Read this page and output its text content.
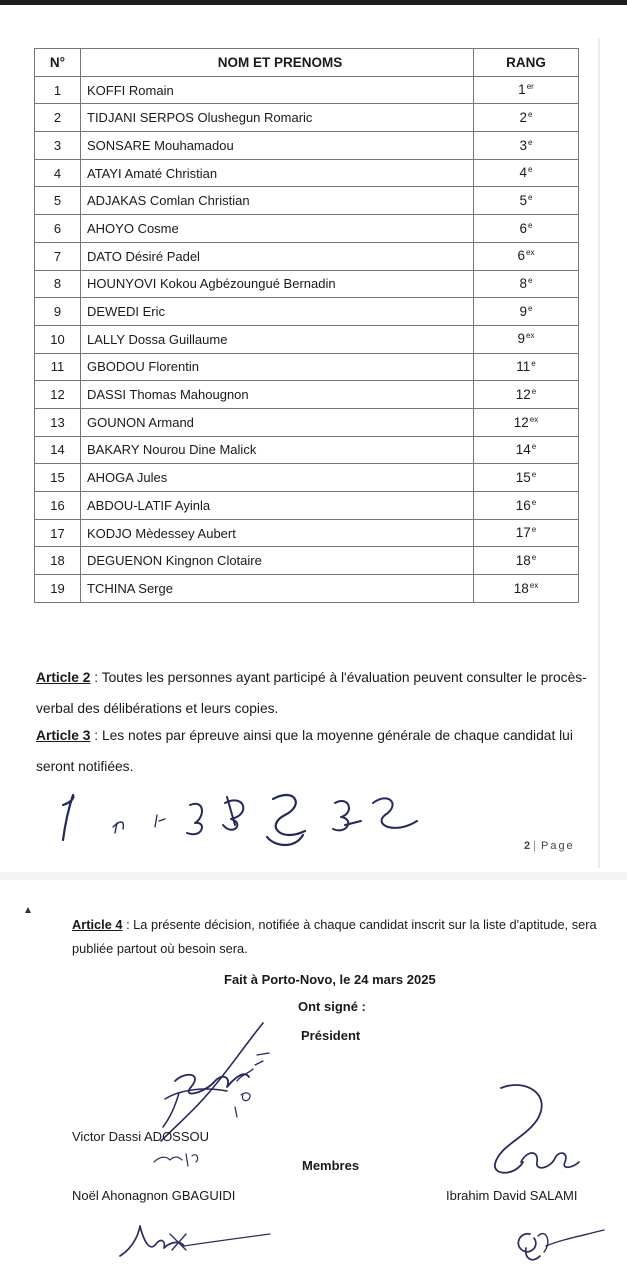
N°	NOM ET PRENOMS	RANG
1	KOFFI Romain	1er
2	TIDJANI SERPOS Olushegun Romaric	2e
3	SONSARE Mouhamadou	3e
4	ATAYI Amaté Christian	4e
5	ADJAKAS Comlan Christian	5e
6	AHOYO Cosme	6e
7	DATO Désiré Padel	$6^{ex}$
8	HOUNYOVI Kokou Agbézoungué Bernadin	8e
9	DEWEDI Eric	9e
10	LALLY Dossa Guillaume	$9^{ex}$
11	GBODOU Florentin	11e
12	DASSI Thomas Mahougnon	12e
13	GOUNON Armand	$12^{ex}$
14	BAKARY Nourou Dine Malick	14e
15	AHOGA Jules	15e
16	ABDOU-LATIF Ayinla	16e
17	KODJO Mèdessey Aubert	17e
18	DEGUENON Kingnon Clotaire	18e
19	TCHINA Serge	$18^{ex}$
Article 2 : Toutes les personnes ayant participé à l'évaluation peuvent consulter le procès-verbal des délibérations et leurs copies.
Article 3 : Les notes par épreuve ainsi que la moyenne générale de chaque candidat lui seront notifiées.
2 | Page
Article 4 : La présente décision, notifiée à chaque candidat inscrit sur la liste d'aptitude, sera publiée partout où besoin sera.
Fait à Porto-Novo, le 24 mars 2025
Ont signé :
Président
Victor Dassi ADOSSOU
Membres
Noël Ahonagnon GBAGUIDI	Ibrahim David SALAMI
